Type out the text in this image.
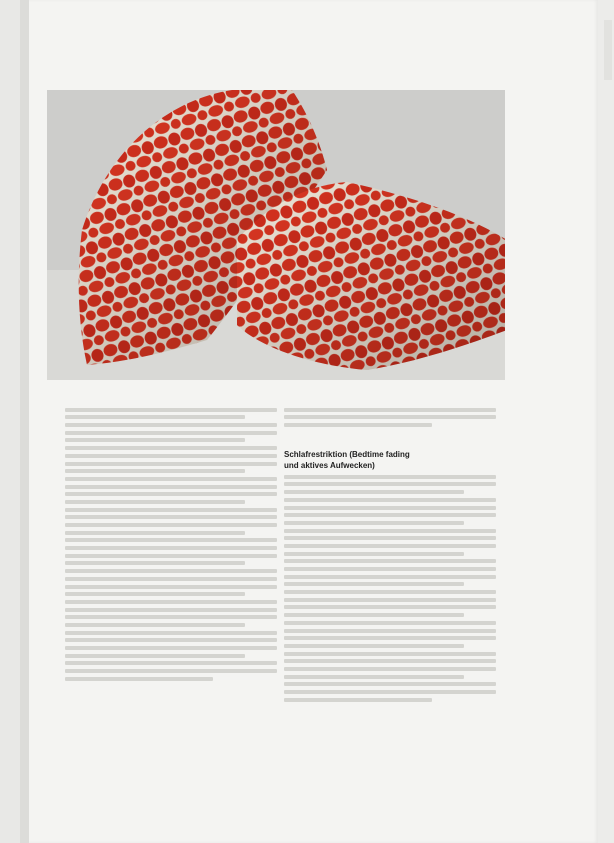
Schlafrestriktion (Bedtime fading
und aktives Aufwecken)
